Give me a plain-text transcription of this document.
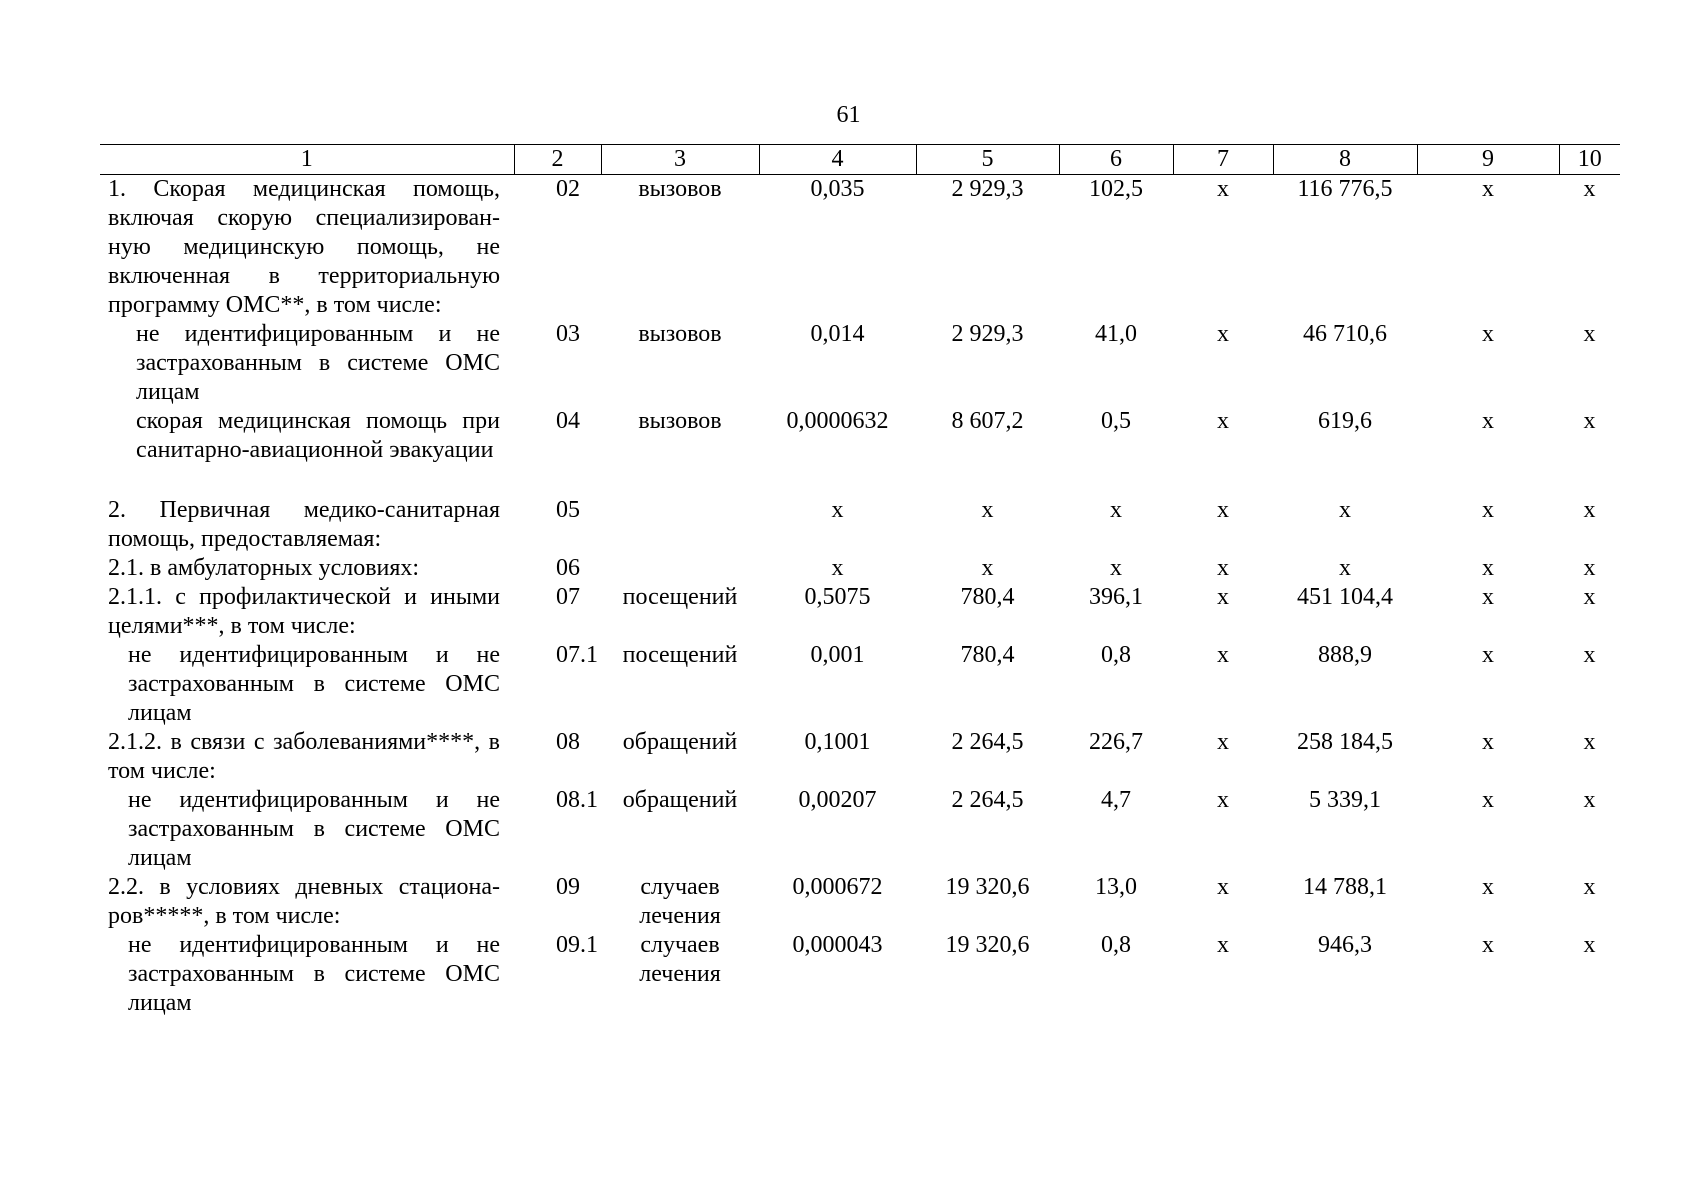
61
1	2	3	4	5	6	7	8	9	10
1. Скорая медицинская помощь, включая скорую специализирован-ную медицинскую помощь, не включенная в территориальную программу ОМС**, в том числе:	02	вызовов	0,035	2 929,3	102,5	х	116 776,5	х	х
не идентифицированным и не застрахованным в системе ОМС лицам	03	вызовов	0,014	2 929,3	41,0	х	46 710,6	х	х
скорая медицинская помощь при санитарно-авиационной эвакуации	04	вызовов	0,0000632	8 607,2	0,5	х	619,6	х	х

2. Первичная медико-санитарная помощь, предоставляемая:	05		х	х	х	х	х	х	х
2.1. в амбулаторных условиях:	06		х	х	х	х	х	х	х
2.1.1. с профилактической и иными целями***, в том числе:	07	посещений	0,5075	780,4	396,1	х	451 104,4	х	х
не идентифицированным и не застрахованным в системе ОМС лицам	07.1	посещений	0,001	780,4	0,8	х	888,9	х	х
2.1.2. в связи с заболеваниями****, в том числе:	08	обращений	0,1001	2 264,5	226,7	х	258 184,5	х	х
не идентифицированным и не застрахованным в системе ОМС лицам	08.1	обращений	0,00207	2 264,5	4,7	х	5 339,1	х	х
2.2. в условиях дневных стациона-ров*****, в том числе:	09	случаев лечения	0,000672	19 320,6	13,0	х	14 788,1	х	х
не идентифицированным и не застрахованным в системе ОМС лицам	09.1	случаев лечения	0,000043	19 320,6	0,8	х	946,3	х	х
